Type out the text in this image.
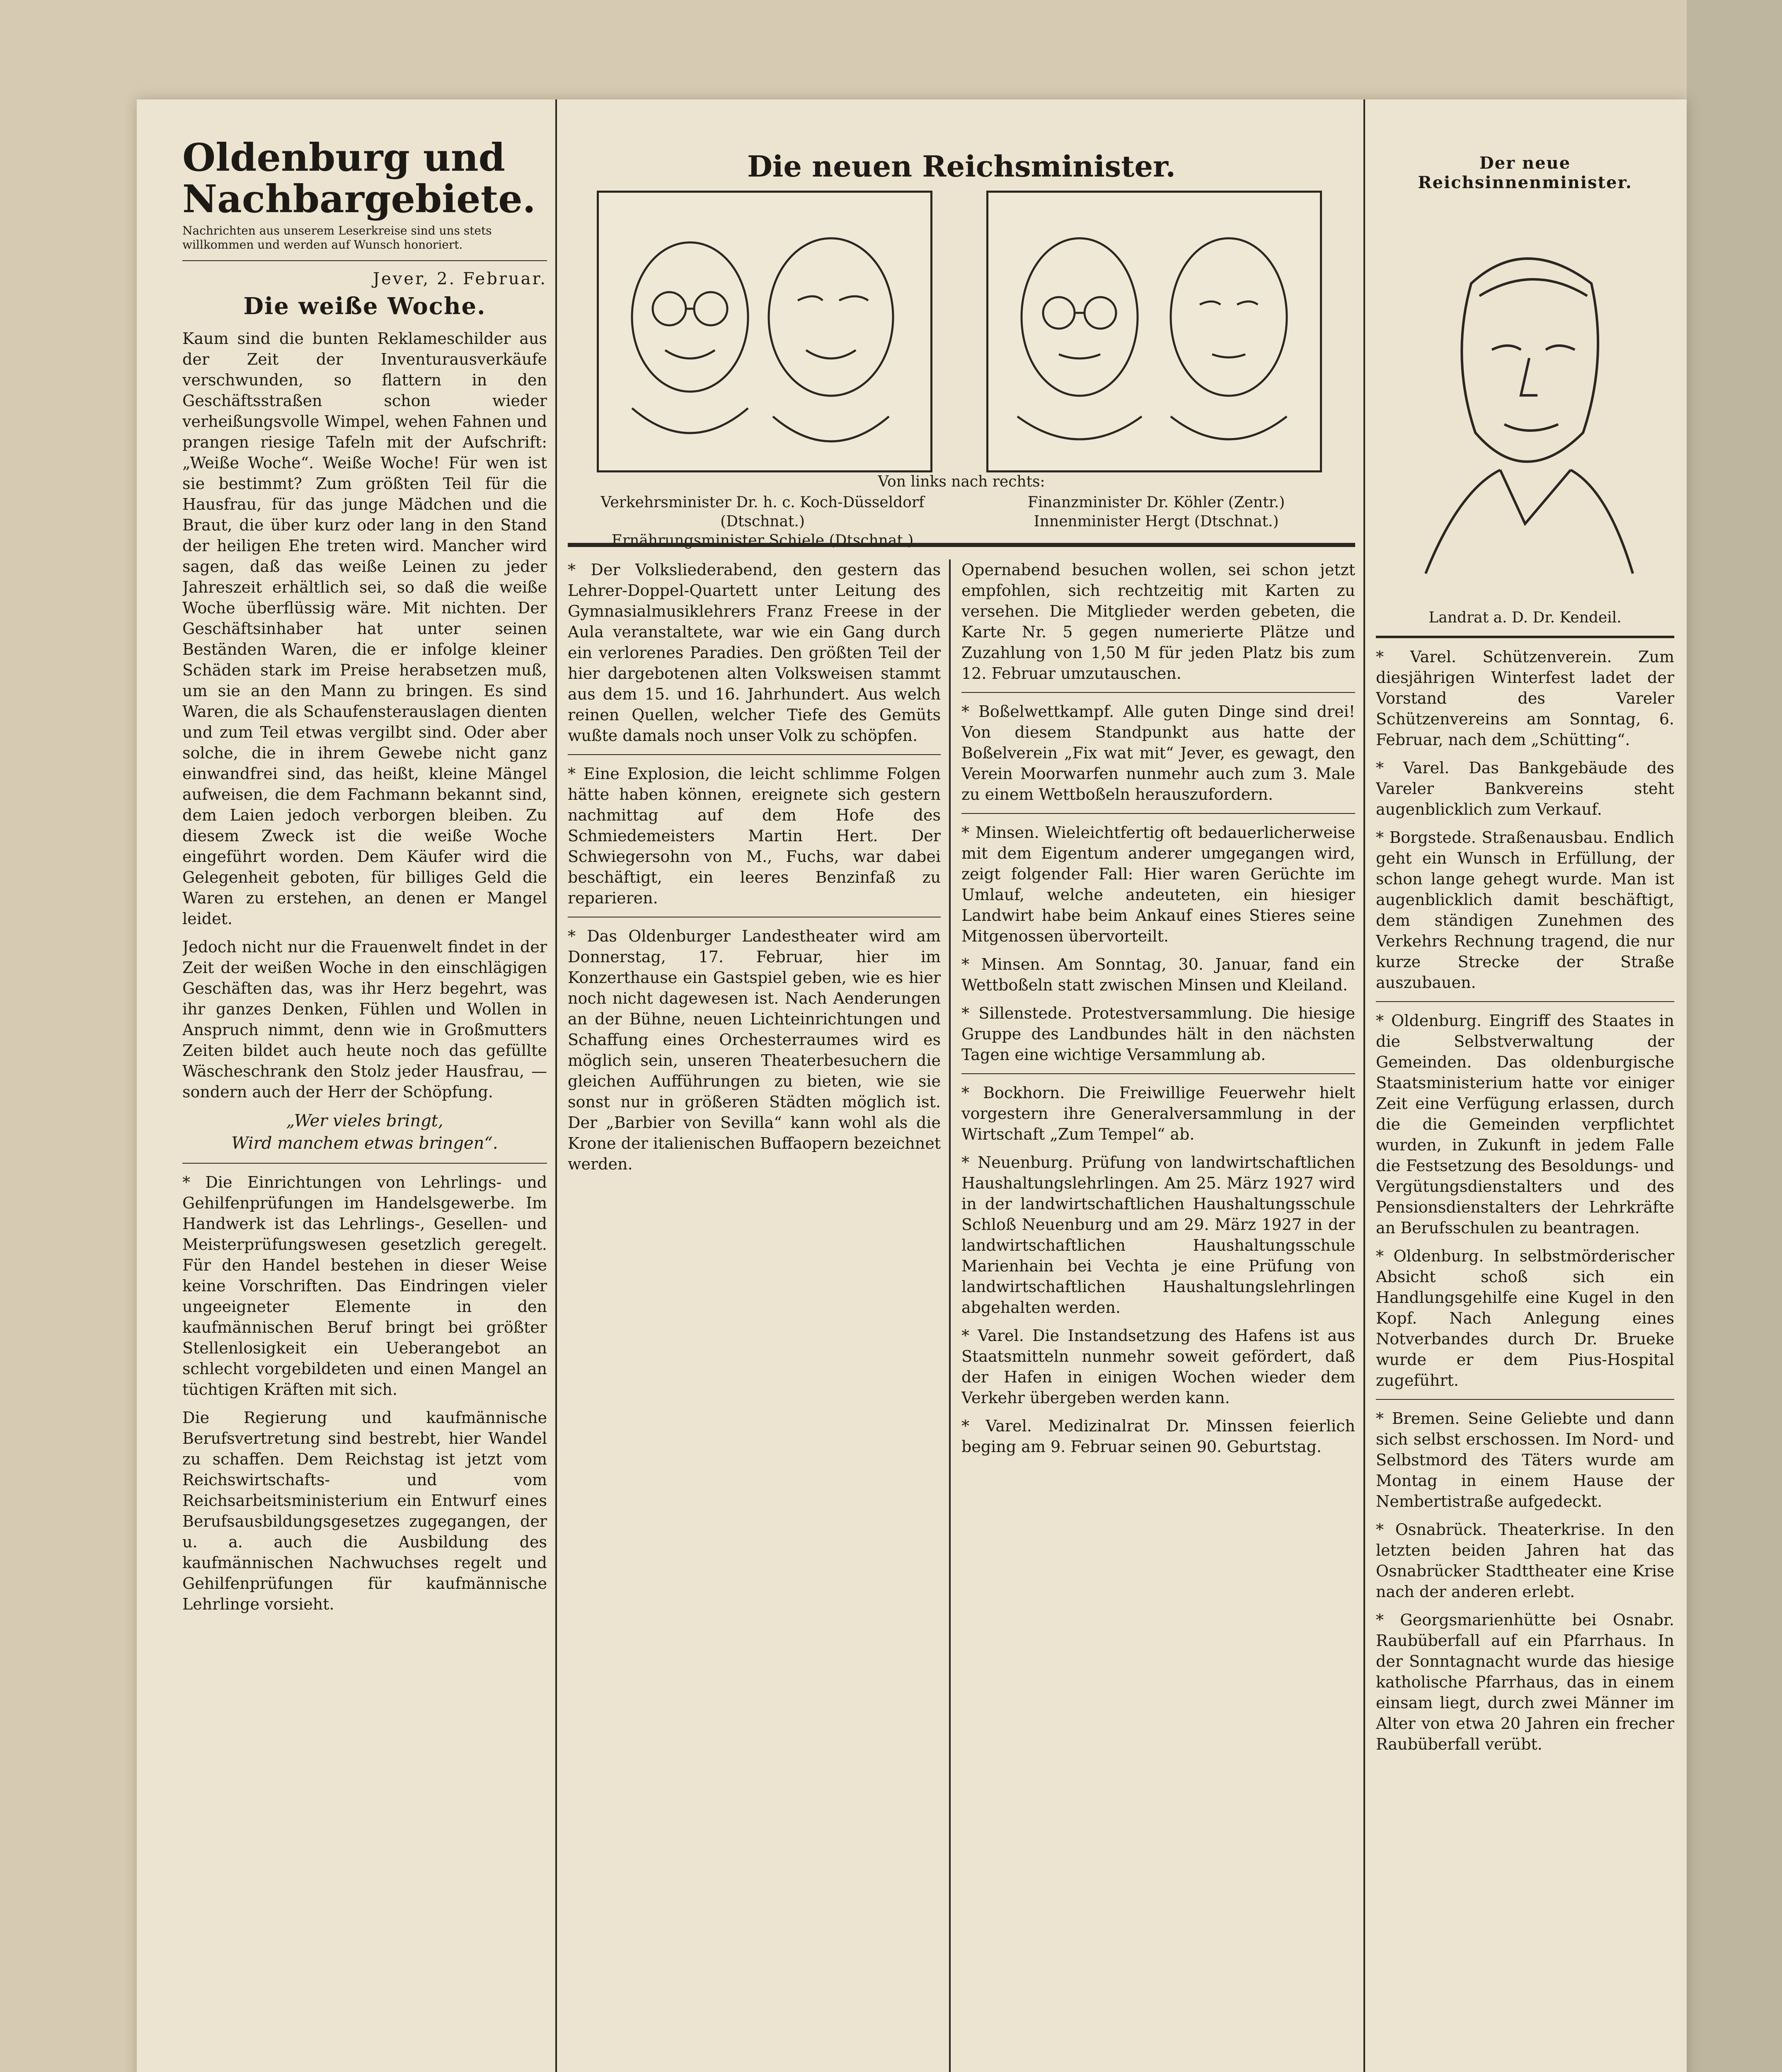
Oldenburg und Nachbargebiete.
Nachrichten aus unserem Leserkreise sind uns stets willkommen und werden auf Wunsch honoriert.
Jever, 2. Februar.
Die weiße Woche.

Kaum sind die bunten Reklameschilder aus der Zeit der Inventurausverkäufe verschwunden, so flattern in den Geschäftsstraßen schon wieder verheißungsvolle Wimpel, wehen Fahnen und prangen riesige Tafeln mit der Aufschrift: „Weiße Woche“. Weiße Woche! Für wen ist sie bestimmt? Zum größten Teil für die Hausfrau, für das junge Mädchen und die Braut, die über kurz oder lang in den Stand der heiligen Ehe treten wird. Mancher wird sagen, daß das weiße Leinen zu jeder Jahreszeit erhältlich sei, so daß die weiße Woche überflüssig wäre. Mit nichten. Der Geschäftsinhaber hat unter seinen Beständen Waren, die er infolge kleiner Schäden stark im Preise herabsetzen muß, um sie an den Mann zu bringen. Es sind Waren, die als Schaufensterauslagen dienten und zum Teil etwas vergilbt sind. Oder aber solche, die in ihrem Gewebe nicht ganz einwandfrei sind, das heißt, kleine Mängel aufweisen, die dem Fachmann bekannt sind, dem Laien jedoch verborgen bleiben. Zu diesem Zweck ist die weiße Woche eingeführt worden. Dem Käufer wird die Gelegenheit geboten, für billiges Geld die Waren zu erstehen, an denen er Mangel leidet.

Jedoch nicht nur die Frauenwelt findet in der Zeit der weißen Woche in den einschlägigen Geschäften das, was ihr Herz begehrt, was ihr ganzes Denken, Fühlen und Wollen in Anspruch nimmt, denn wie in Großmutters Zeiten bildet auch heute noch das gefüllte Wäscheschrank den Stolz jeder Hausfrau, — sondern auch der Herr der Schöpfung.

„Wer vieles bringt,
Wird manchem etwas bringen“.

* Die Einrichtungen von Lehrlings- und Gehilfenprüfungen im Handelsgewerbe. Im Handwerk ist das Lehrlings-, Gesellen- und Meisterprüfungswesen gesetzlich geregelt. Für den Handel bestehen in dieser Weise keine Vorschriften. Das Eindringen vieler ungeeigneter Elemente in den kaufmännischen Beruf bringt bei größter Stellenlosigkeit ein Ueberangebot an schlecht vorgebildeten und einen Mangel an tüchtigen Kräften mit sich.

Die Regierung und kaufmännische Berufsvertretung sind bestrebt, hier Wandel zu schaffen. Dem Reichstag ist jetzt vom Reichswirtschafts- und vom Reichsarbeitsministerium ein Entwurf eines Berufsausbildungsgesetzes zugegangen, der u. a. auch die Ausbildung des kaufmännischen Nachwuchses regelt und Gehilfenprüfungen für kaufmännische Lehrlinge vorsieht.

Die neuen Reichsminister.
Von links nach rechts:
Verkehrsminister Dr. h. c. Koch-Düsseldorf (Dtschnat.)
Ernährungsminister Schiele (Dtschnat.)
Finanzminister Dr. Köhler (Zentr.)
Innenminister Hergt (Dtschnat.)

* Der Volksliederabend, den gestern das Lehrer-Doppel-Quartett unter Leitung des Gymnasialmusiklehrers Franz Freese in der Aula veranstaltete, war wie ein Gang durch ein verlorenes Paradies. Den größten Teil der hier dargebotenen alten Volksweisen stammt aus dem 15. und 16. Jahrhundert. Aus welch reinen Quellen, welcher Tiefe des Gemüts wußte damals noch unser Volk zu schöpfen.

* Eine Explosion, die leicht schlimme Folgen hätte haben können, ereignete sich gestern nachmittag auf dem Hofe des Schmiedemeisters Martin Hert. Der Schwiegersohn von M., Fuchs, war dabei beschäftigt, ein leeres Benzinfaß zu reparieren.

* Das Oldenburger Landestheater wird am Donnerstag, 17. Februar, hier im Konzerthause ein Gastspiel geben, wie es hier noch nicht dagewesen ist. Nach Aenderungen an der Bühne, neuen Lichteinrichtungen und Schaffung eines Orchesterraumes wird es möglich sein, unseren Theaterbesuchern die gleichen Aufführungen zu bieten, wie sie sonst nur in größeren Städten möglich ist. Der „Barbier von Sevilla“ kann wohl als die Krone der italienischen Buffaopern bezeichnet werden.

Opernabend besuchen wollen, sei schon jetzt empfohlen, sich rechtzeitig mit Karten zu versehen. Die Mitglieder werden gebeten, die Karte Nr. 5 gegen numerierte Plätze und Zuzahlung von 1,50 M für jeden Platz bis zum 12. Februar umzutauschen.

* Boßelwettkampf. Alle guten Dinge sind drei! Von diesem Standpunkt aus hatte der Boßelverein „Fix wat mit“ Jever, es gewagt, den Verein Moorwarfen nunmehr auch zum 3. Male zu einem Wettboßeln herauszufordern.

* Minsen. Wieleichtfertig oft bedauerlicherweise mit dem Eigentum anderer umgegangen wird, zeigt folgender Fall: Hier waren Gerüchte im Umlauf, welche andeuteten, ein hiesiger Landwirt habe beim Ankauf eines Stieres seine Mitgenossen übervorteilt.

* Minsen. Am Sonntag, 30. Januar, fand ein Wettboßeln statt zwischen Minsen und Kleiland.

* Sillenstede. Protestversammlung. Die hiesige Gruppe des Landbundes hält in den nächsten Tagen eine wichtige Versammlung ab.

* Bockhorn. Die Freiwillige Feuerwehr hielt vorgestern ihre Generalversammlung in der Wirtschaft „Zum Tempel“ ab.

* Neuenburg. Prüfung von landwirtschaftlichen Haushaltungslehrlingen. Am 25. März 1927 wird in der landwirtschaftlichen Haushaltungsschule Schloß Neuenburg und am 29. März 1927 in der landwirtschaftlichen Haushaltungsschule Marienhain bei Vechta je eine Prüfung von landwirtschaftlichen Haushaltungslehrlingen abgehalten werden.

* Varel. Die Instandsetzung des Hafens ist aus Staatsmitteln nunmehr soweit gefördert, daß der Hafen in einigen Wochen wieder dem Verkehr übergeben werden kann.

* Varel. Medizinalrat Dr. Minssen feierlich beging am 9. Februar seinen 90. Geburtstag.

Der neue Reichsinnenminister.
Landrat a. D. Dr. Kendeil.

* Varel. Schützenverein. Zum diesjährigen Winterfest ladet der Vorstand des Vareler Schützenvereins am Sonntag, 6. Februar, nach dem „Schütting“.

* Varel. Das Bankgebäude des Vareler Bankvereins steht augenblicklich zum Verkauf.

* Borgstede. Straßenausbau. Endlich geht ein Wunsch in Erfüllung, der schon lange gehegt wurde. Man ist augenblicklich damit beschäftigt, dem ständigen Zunehmen des Verkehrs Rechnung tragend, die nur kurze Strecke der Straße auszubauen.

* Oldenburg. Eingriff des Staates in die Selbstverwaltung der Gemeinden. Das oldenburgische Staatsministerium hatte vor einiger Zeit eine Verfügung erlassen, durch die die Gemeinden verpflichtet wurden, in Zukunft in jedem Falle die Festsetzung des Besoldungs- und Vergütungsdienstalters und des Pensionsdienstalters der Lehrkräfte an Berufsschulen zu beantragen.

* Oldenburg. In selbstmörderischer Absicht schoß sich ein Handlungsgehilfe eine Kugel in den Kopf. Nach Anlegung eines Notverbandes durch Dr. Brueke wurde er dem Pius-Hospital zugeführt.

* Bremen. Seine Geliebte und dann sich selbst erschossen. Im Nord- und Selbstmord des Täters wurde am Montag in einem Hause der Nembertistraße aufgedeckt.

* Osnabrück. Theaterkrise. In den letzten beiden Jahren hat das Osnabrücker Stadttheater eine Krise nach der anderen erlebt.

* Georgsmarienhütte bei Osnabr. Raubüberfall auf ein Pfarrhaus. In der Sonntagnacht wurde das hiesige katholische Pfarrhaus, das in einem einsam liegt, durch zwei Männer im Alter von etwa 20 Jahren ein frecher Raubüberfall verübt.
